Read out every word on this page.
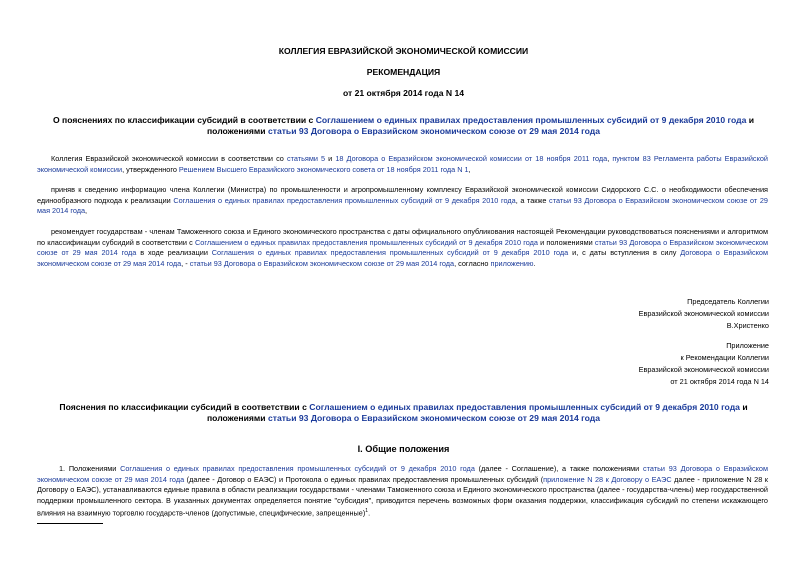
КОЛЛЕГИЯ ЕВРАЗИЙСКОЙ ЭКОНОМИЧЕСКОЙ КОМИССИИ
РЕКОМЕНДАЦИЯ
от 21 октября 2014 года N 14
О пояснениях по классификации субсидий в соответствии с Соглашением о единых правилах предоставления промышленных субсидий от 9 декабря 2010 года и положениями статьи 93 Договора о Евразийском экономическом союзе от 29 мая 2014 года
Коллегия Евразийской экономической комиссии в соответствии со статьями 5 и 18 Договора о Евразийском экономической комиссии от 18 ноября 2011 года, пунктом 83 Регламента работы Евразийской экономической комиссии, утвержденного Решением Высшего Евразийского экономического совета от 18 ноября 2011 года N 1,
приняв к сведению информацию члена Коллегии (Министра) по промышленности и агропромышленному комплексу Евразийской экономической комиссии Сидорского С.С. о необходимости обеспечения единообразного подхода к реализации Соглашения о единых правилах предоставления промышленных субсидий от 9 декабря 2010 года, а также статьи 93 Договора о Евразийском экономическом союзе от 29 мая 2014 года,
рекомендует государствам - членам Таможенного союза и Единого экономического пространства с даты официального опубликования настоящей Рекомендации руководствоваться пояснениями и алгоритмом по классификации субсидий в соответствии с Соглашением о единых правилах предоставления промышленных субсидий от 9 декабря 2010 года и положениями статьи 93 Договора о Евразийском экономическом союзе от 29 мая 2014 года в ходе реализации Соглашения о единых правилах предоставления промышленных субсидий от 9 декабря 2010 года и, с даты вступления в силу Договора о Евразийском экономическом союзе от 29 мая 2014 года, - статьи 93 Договора о Евразийском экономическом союзе от 29 мая 2014 года, согласно приложению.
Председатель Коллегии
Евразийской экономической комиссии
В.Христенко
Приложение
к Рекомендации Коллегии
Евразийской экономической комиссии
от 21 октября 2014 года N 14
Пояснения по классификации субсидий в соответствии с Соглашением о единых правилах предоставления промышленных субсидий от 9 декабря 2010 года и положениями статьи 93 Договора о Евразийском экономическом союзе от 29 мая 2014 года
I. Общие положения
1. Положениями Соглашения о единых правилах предоставления промышленных субсидий от 9 декабря 2010 года (далее - Соглашение), а также положениями статьи 93 Договора о Евразийском экономическом союзе от 29 мая 2014 года (далее - Договор о ЕАЭС) и Протокола о единых правилах предоставления промышленных субсидий (приложение N 28 к Договору о ЕАЭС далее - приложение N 28 к Договору о ЕАЭС), устанавливаются единые правила в области реализации государствами - членами Таможенного союза и Единого экономического пространства (далее - государства-члены) мер государственной поддержки промышленного сектора. В указанных документах определяется понятие "субсидия", приводится перечень возможных форм оказания поддержки, классификация субсидий по степени искажающего влияния на взаимную торговлю государств-членов (допустимые, специфические, запрещенные)$^1$.
